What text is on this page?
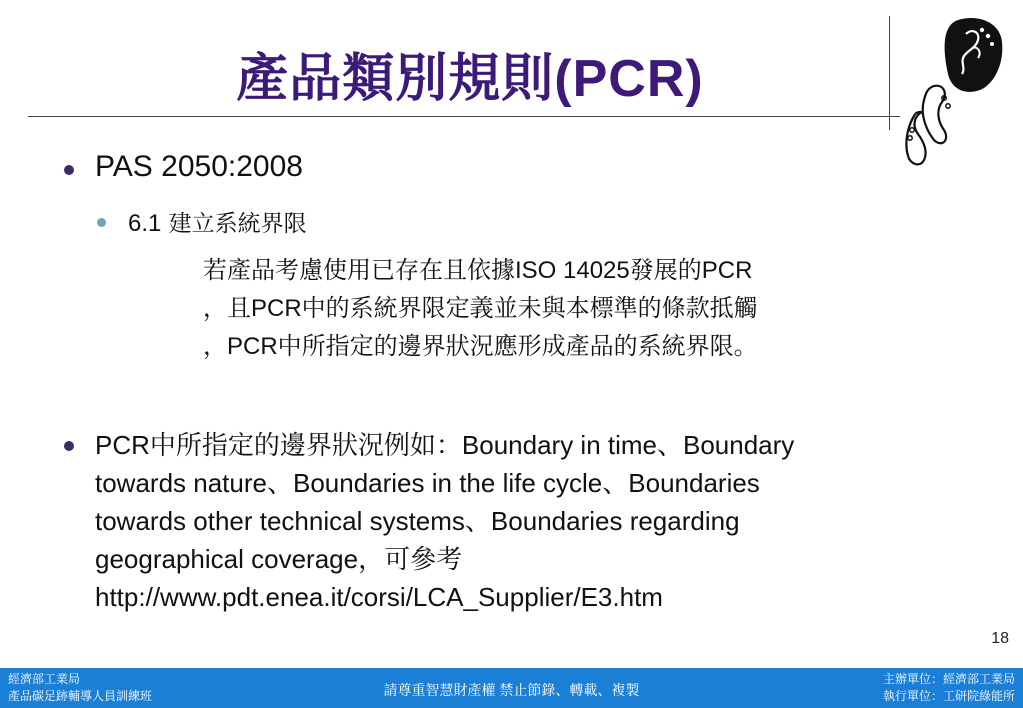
產品類別規則(PCR)
PAS 2050:2008
6.1 建立系統界限
若產品考慮使用已存在且依據ISO 14025發展的PCR
，且PCR中的系統界限定義並未與本標準的條款抵觸
，PCR中所指定的邊界狀況應形成產品的系統界限。
PCR中所指定的邊界狀況例如：Boundary in time、Boundary
towards nature、Boundaries in the life cycle、Boundaries
towards other technical systems、Boundaries regarding
geographical coverage，可參考
http://www.pdt.enea.it/corsi/LCA_Supplier/E3.htm
18
經濟部工業局
產品碳足跡輔導人員訓練班	請尊重智慧財產權 禁止節錄、轉載、複製
主辦單位：經濟部工業局
執行單位：工研院綠能所
